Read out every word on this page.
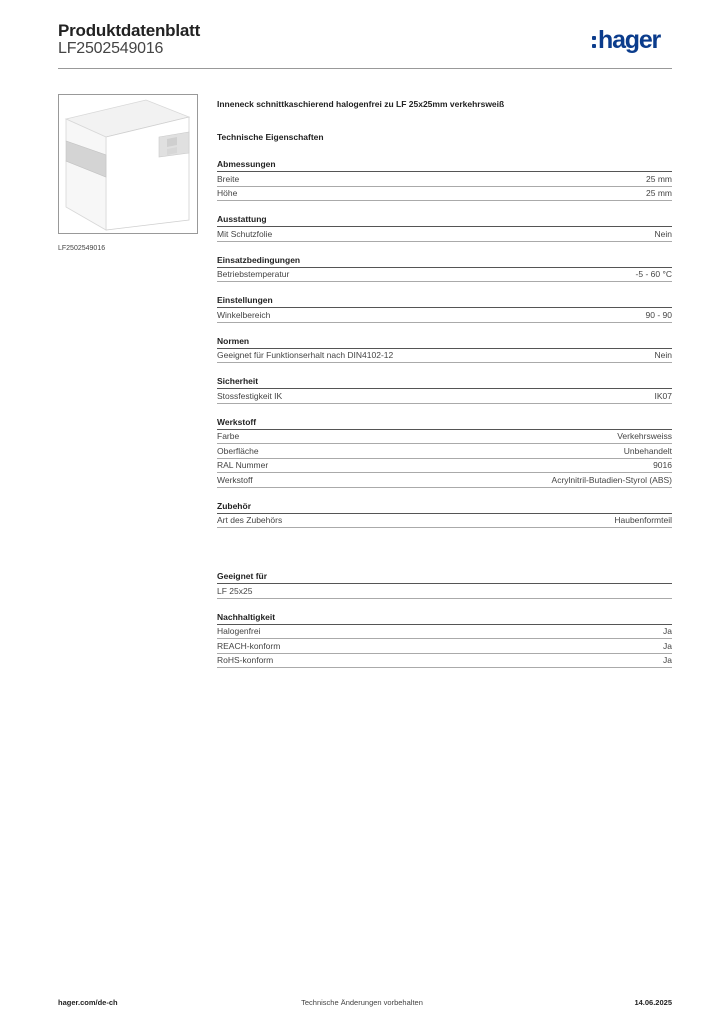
Produktdatenblatt
LF2502549016	hager
LF2502549016
Inneneck schnittkaschierend halogenfrei zu LF 25x25mm verkehrsweiß
Technische Eigenschaften
Abmessungen
Breite	25 mm
Höhe	25 mm
Ausstattung
Mit Schutzfolie	Nein
Einsatzbedingungen
Betriebstemperatur	-5 - 60 °C
Einstellungen
Winkelbereich	90 - 90
Normen
Geeignet für Funktionserhalt nach DIN4102-12	Nein
Sicherheit
Stossfestigkeit IK	IK07
Werkstoff
Farbe	Verkehrsweiss
Oberfläche	Unbehandelt
RAL Nummer	9016
Werkstoff	Acrylnitril-Butadien-Styrol (ABS)
Zubehör
Art des Zubehörs	Haubenformteil
Geeignet für
LF 25x25
Nachhaltigkeit
Halogenfrei	Ja
REACH-konform	Ja
RoHS-konform	Ja
hager.com/de-ch	Technische Änderungen vorbehalten	14.06.2025
